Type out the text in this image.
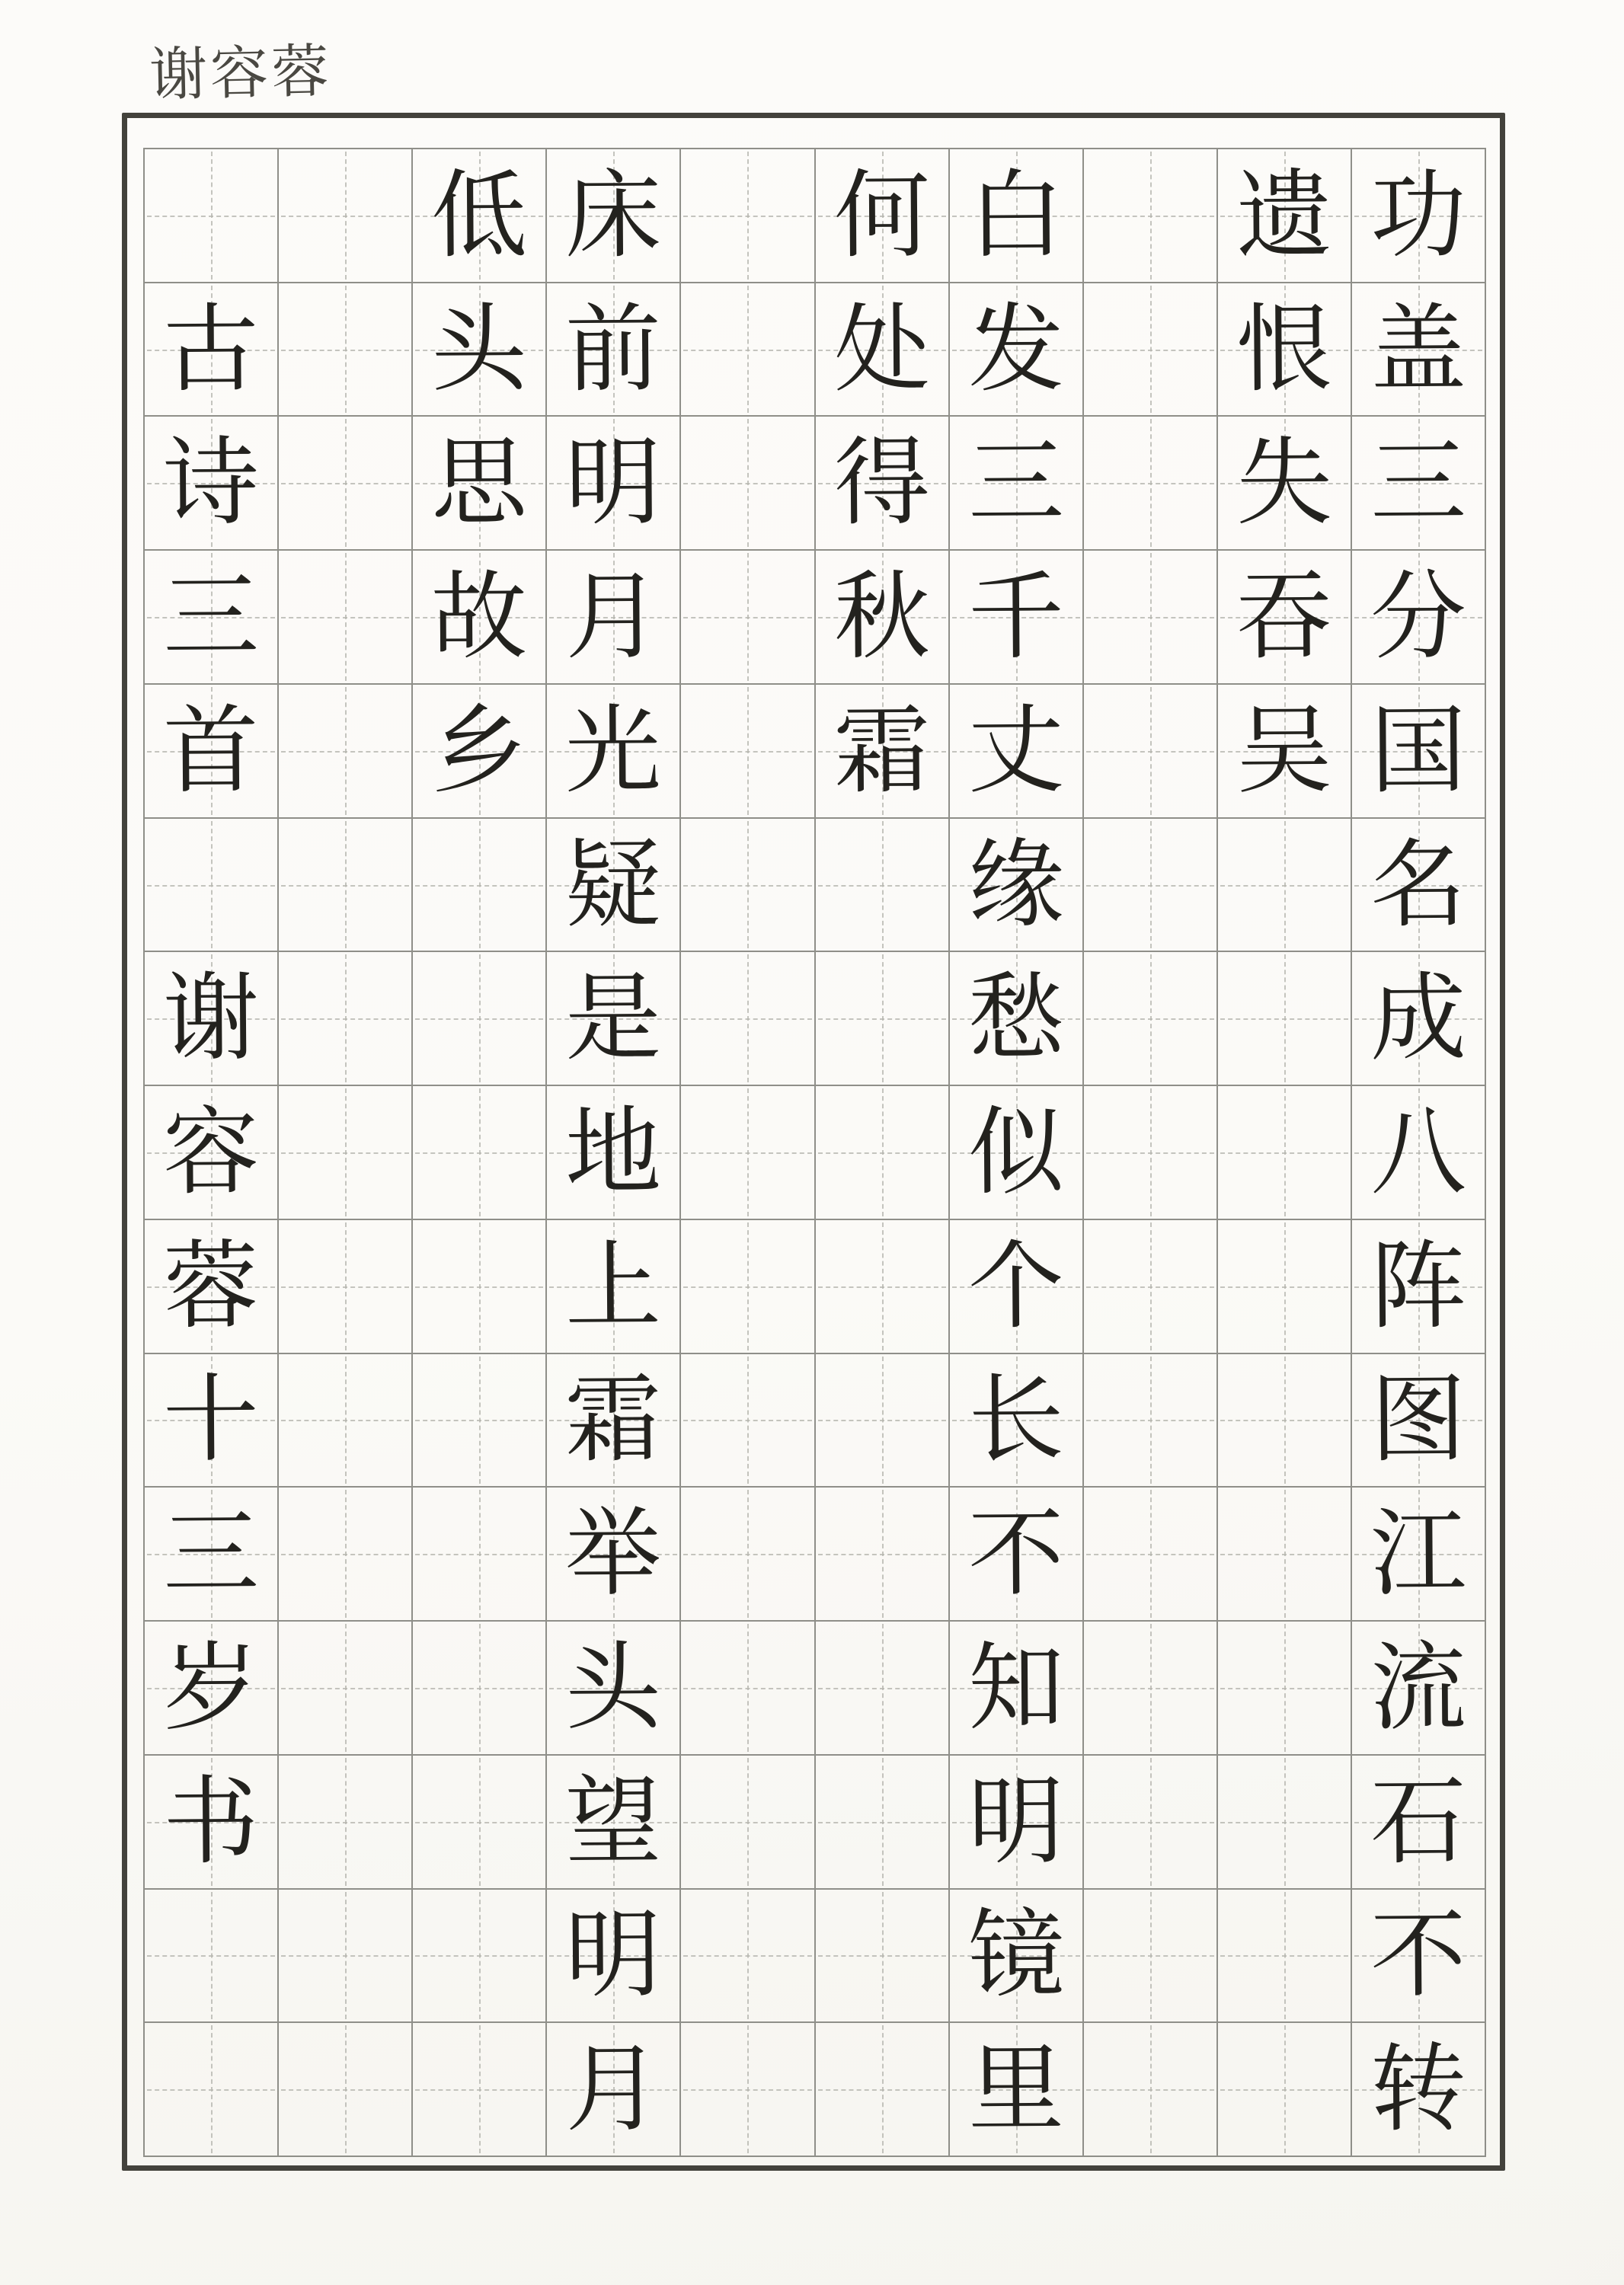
谢容蓉
功
盖
三
分
国
名
成
八
阵
图
江
流
石
不
转
遗
恨
失
吞
吴
白
发
三
千
丈
缘
愁
似
个
长
不
知
明
镜
里
何
处
得
秋
霜
床
前
明
月
光
疑
是
地
上
霜
举
头
望
明
月
低
头
思
故
乡
古
诗
三
首
谢
容
蓉
十
三
岁
书
